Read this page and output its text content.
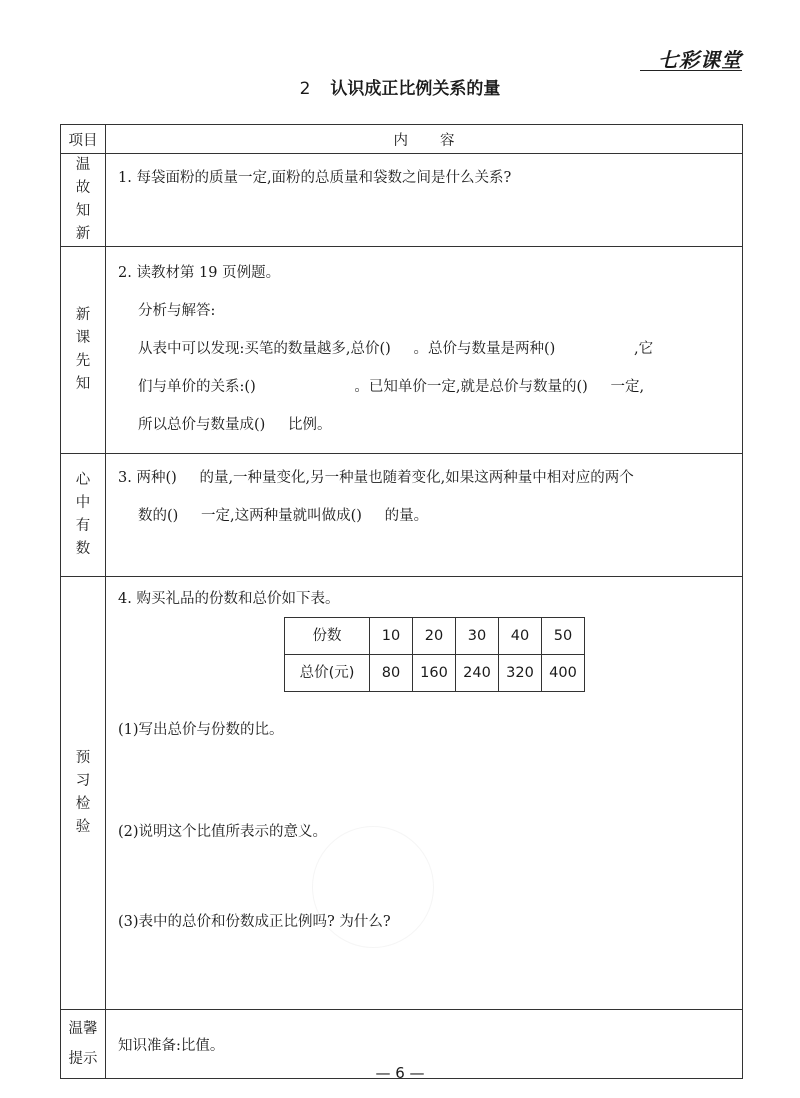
七彩课堂
2 认识成正比例关系的量
项目	内容
温故知新	
1. 每袋面粉的质量一定,面粉的总质量和袋数之间是什么关系?

新课先知	
2. 读教材第 19 页例题。
分析与解答:
从表中可以发现:买笔的数量越多,总价 ( ) 。总价与数量是两种 ( )	,它
们与单价的关系: ( )	。已知单价一定,就是总价与数量的 ( ) 一定,
所以总价与数量成 ( ) 比例。

心中有数	
3. 两种 ( ) 的量,一种量变化,另一种量也随着变化,如果这两种量中相对应的两个
数的 ( ) 一定,这两种量就叫做成 ( ) 的量。

预习检验	
4. 购买礼品的份数和总价如下表。
份数	10	20	30	40	50
总价(元)	80	160	240	320	400
(1)写出总价与份数的比。
(2)说明这个比值所表示的意义。
(3)表中的总价和份数成正比例吗? 为什么?

温馨提示	
知识准备:比值。
— 6 —
